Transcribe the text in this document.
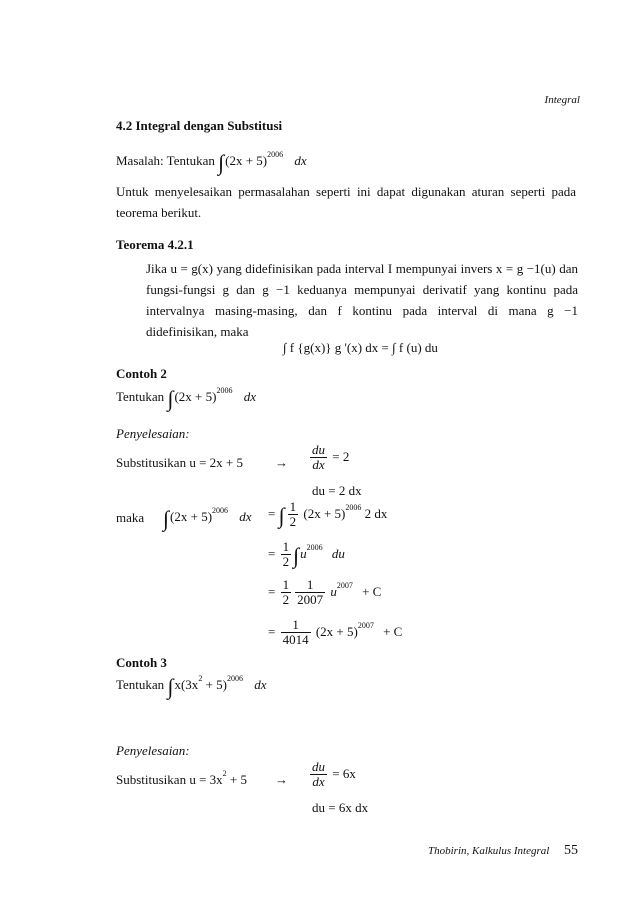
Integral
4.2 Integral dengan Substitusi
Masalah: Tentukan $\int(2x + 5)^{2006}$ dx
Untuk menyelesaikan permasalahan seperti ini dapat digunakan aturan seperti pada teorema berikut.
Teorema 4.2.1
Jika u = g(x) yang didefinisikan pada interval I mempunyai invers x = g −1(u) dan fungsi-fungsi g dan g −1 keduanya mempunyai derivatif yang kontinu pada intervalnya masing-masing, dan f kontinu pada interval di mana g −1 didefinisikan, maka
∫ f {g(x)} g '(x) dx = ∫ f (u) du
Contoh 2
Tentukan $\int(2x + 5)^{2006}$ dx
Penyelesaian:
Substitusikan $u = 2x + 5 \to \frac{du}{dx} = 2$
du = 2 dx
maka $\int(2x + 5)^{2006}$ dx = ∫ $\frac{1}{2} (2x + 5)^{2006}$ 2 dx
= $\frac{1}{2} \int u^{2006}$ du
= $\frac{1}{2} \frac{1}{2007} u^{2007} + C$
= $\frac{1}{4014} (2x + 5)^{2007} + C$
Contoh 3
Tentukan $\int x(3x^2 + 5)^{2006}$ dx
Penyelesaian:
Substitusikan $u = 3x^2 + 5 \to \frac{du}{dx} = 6x$
du = 6x dx
Thobirin, Kalkulus Integral 55
